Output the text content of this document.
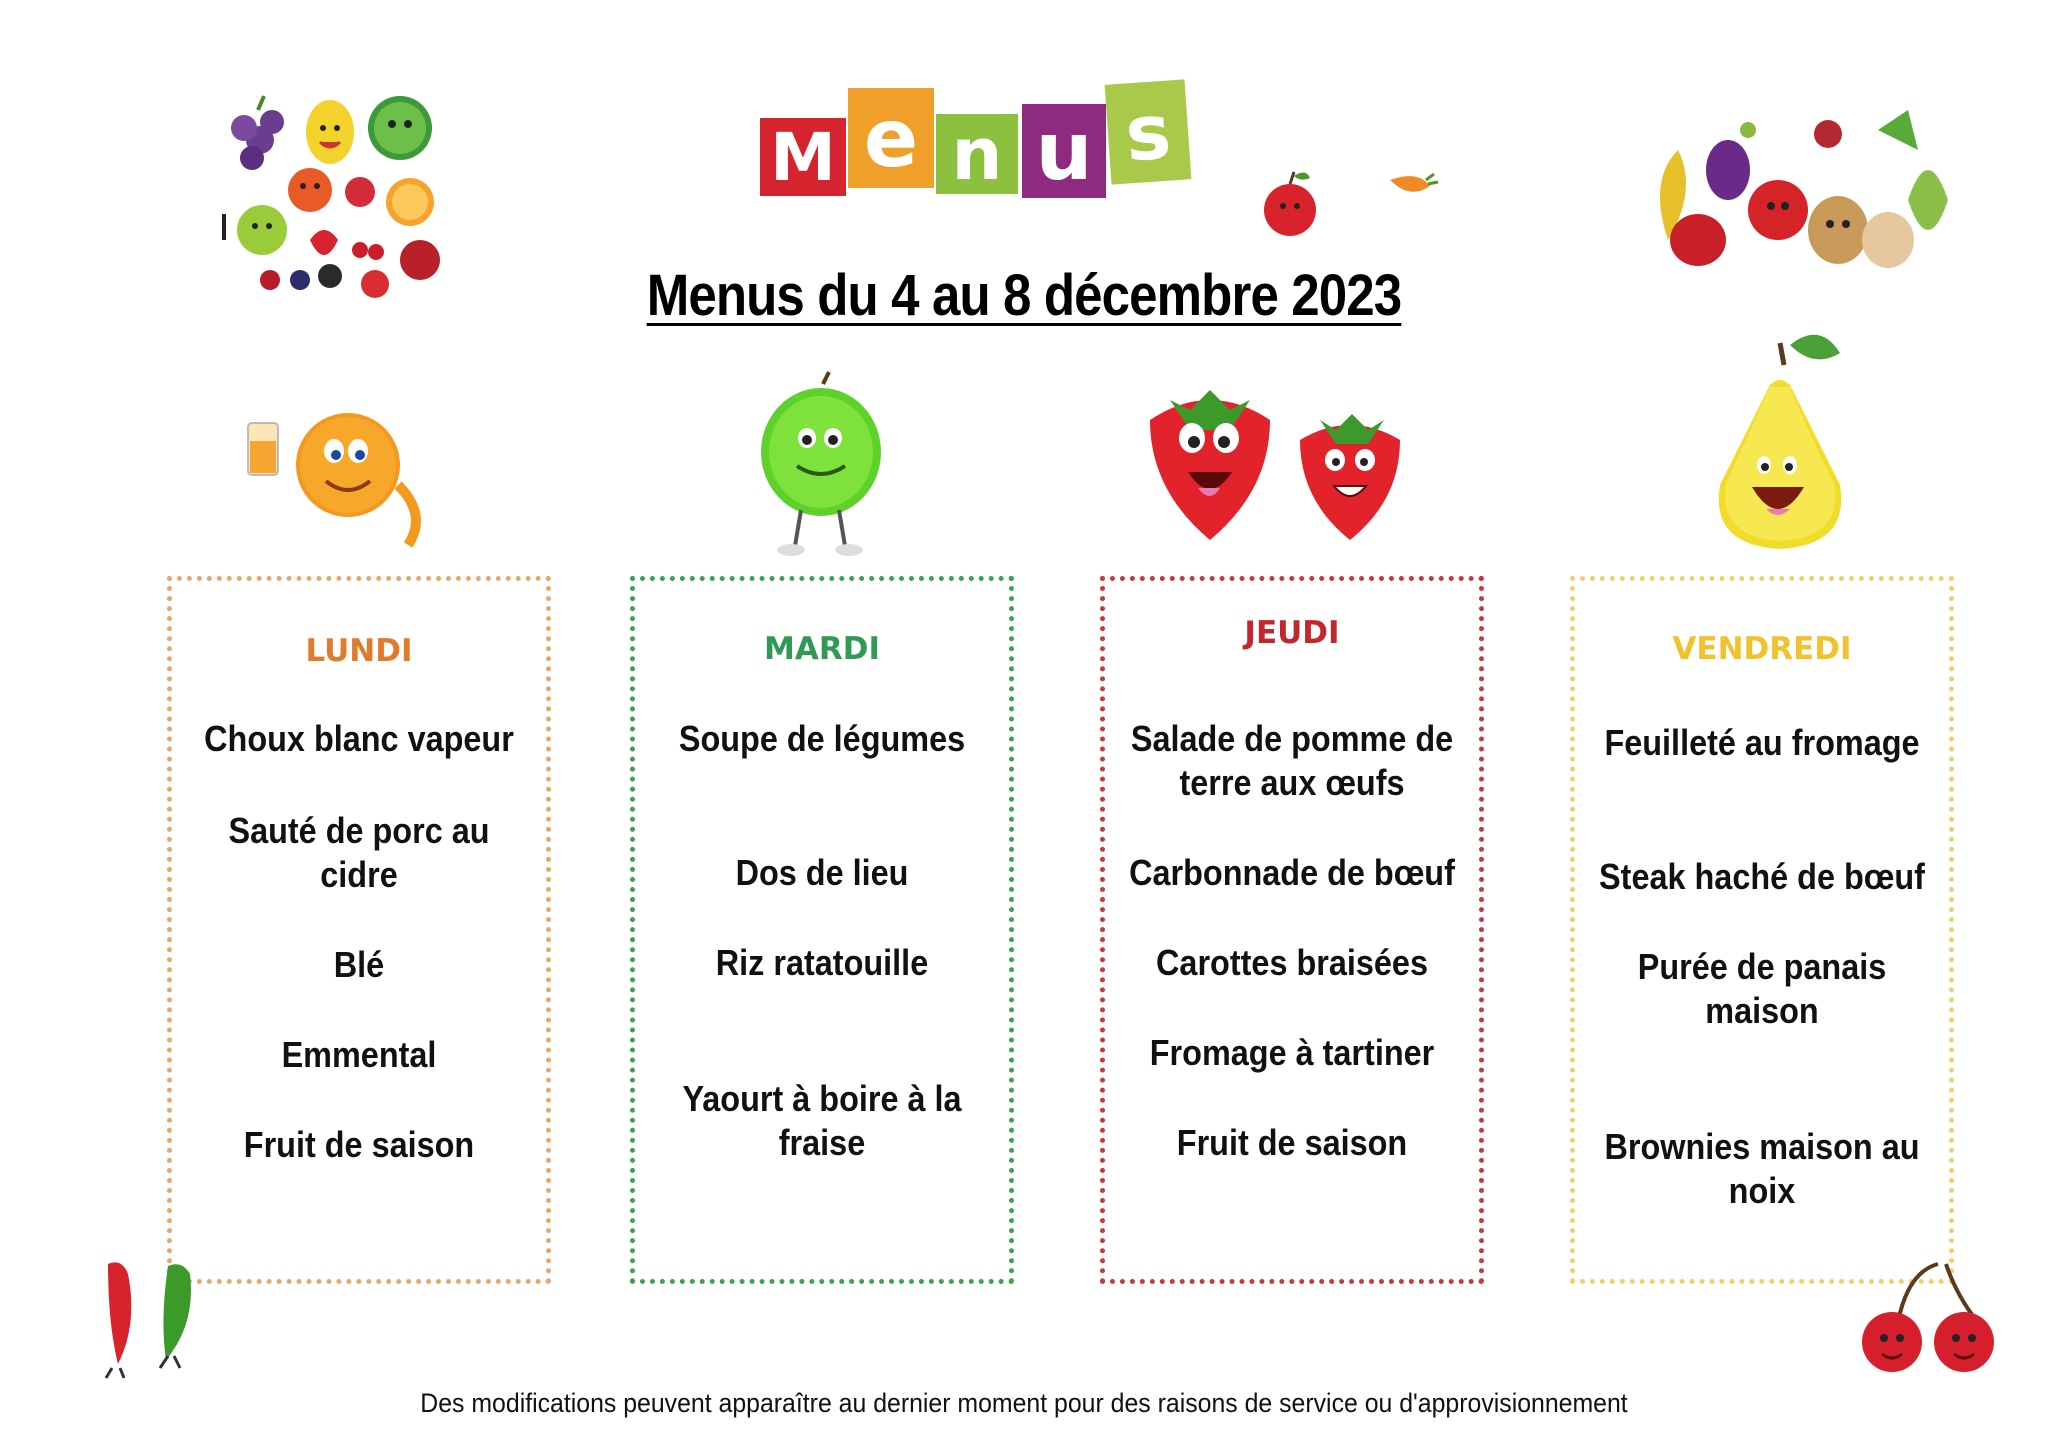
M e n u s
Menus du 4 au 8 décembre 2023
LUNDI
Choux blanc vapeur
Sauté de porc au
cidre
Blé
Emmental
Fruit de saison
MARDI
Soupe de légumes
Dos de lieu
Riz ratatouille
Yaourt à boire à la
fraise
JEUDI
Salade de pomme de
terre aux œufs
Carbonnade de bœuf
Carottes braisées
Fromage à tartiner
Fruit de saison
VENDREDI
Feuilleté au fromage
Steak haché de bœuf
Purée de panais
maison
Brownies maison au
noix
Des modifications peuvent apparaître au dernier moment pour des raisons de service ou d'approvisionnement
